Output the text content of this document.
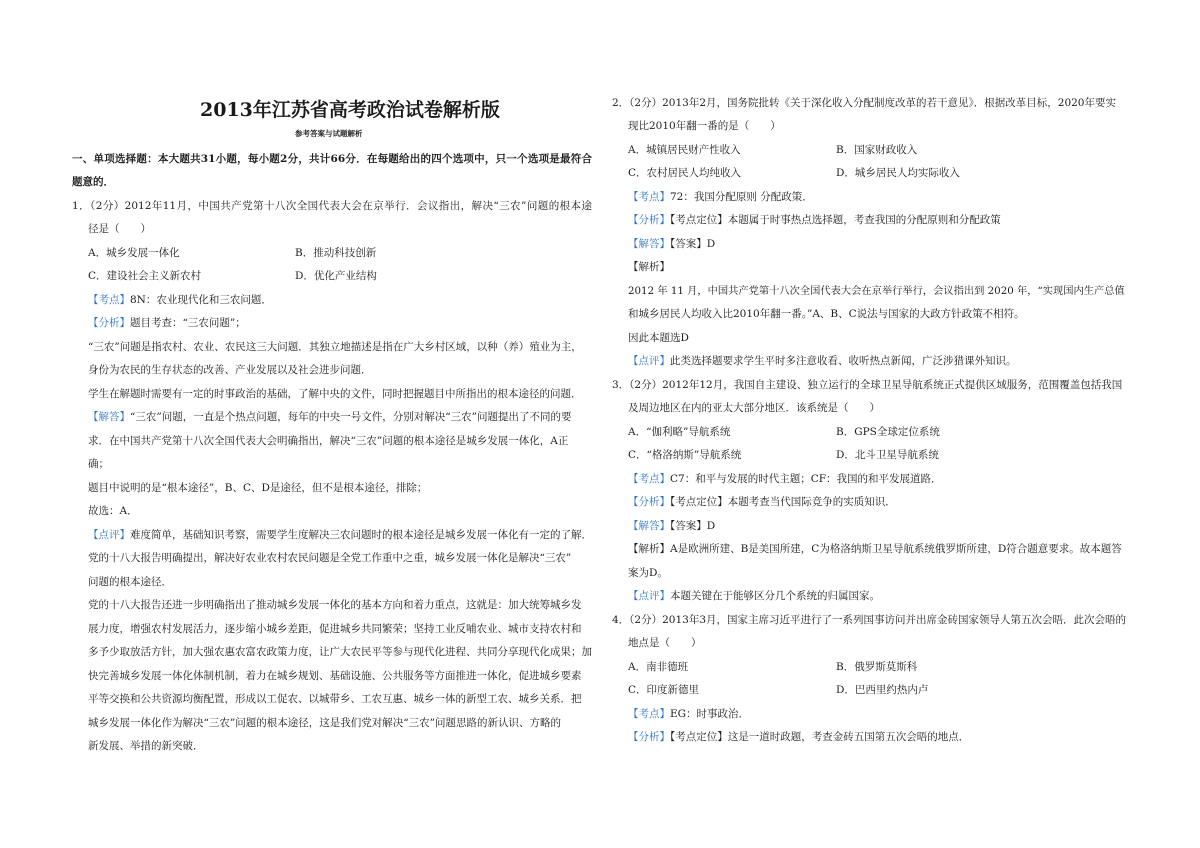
2013年江苏省高考政治试卷解析版
参考答案与试题解析
一、单项选择题：本大题共31小题，每小题2分，共计66分．在每题给出的四个选项中，只一个选项是最符合
题意的．
1．（2分）2012年11月，中国共产党第十八次全国代表大会在京举行．会议指出，解决“三农”问题的根本途
径是（　　）
A．城乡发展一体化	B．推动科技创新
C．建设社会主义新农村	D．优化产业结构
【考点】8N：农业现代化和三农问题．
【分析】题目考查：“三农问题”；
“三农”问题是指农村、农业、农民这三大问题．其独立地描述是指在广大乡村区域，以种（养）殖业为主，
身份为农民的生存状态的改善、产业发展以及社会进步问题．
学生在解题时需要有一定的时事政治的基础，了解中央的文件，同时把握题目中所指出的根本途径的问题．
【解答】“三农”问题，一直是个热点问题，每年的中央一号文件，分别对解决“三农”问题提出了不同的要
求．在中国共产党第十八次全国代表大会明确指出，解决“三农”问题的根本途径是城乡发展一体化，A正
确；
题目中说明的是“根本途径”，B、C、D是途径，但不是根本途径，排除；
故选：A．
【点评】难度简单，基础知识考察，需要学生度解决三农问题时的根本途径是城乡发展一体化有一定的了解．
党的十八大报告明确提出，解决好农业农村农民问题是全党工作重中之重，城乡发展一体化是解决“三农”
问题的根本途径．
党的十八大报告还进一步明确指出了推动城乡发展一体化的基本方向和着力重点，这就是：加大统筹城乡发
展力度，增强农村发展活力，逐步缩小城乡差距，促进城乡共同繁荣；坚持工业反哺农业、城市支持农村和
多予少取放活方针，加大强农惠农富农政策力度，让广大农民平等参与现代化进程、共同分享现代化成果；加
快完善城乡发展一体化体制机制，着力在城乡规划、基础设施、公共服务等方面推进一体化，促进城乡要素
平等交换和公共资源均衡配置，形成以工促农、以城带乡、工农互惠、城乡一体的新型工农、城乡关系．把
城乡发展一体化作为解决“三农”问题的根本途径，这是我们党对解决“三农”问题思路的新认识、方略的
新发展、举措的新突破．
2．（2分）2013年2月，国务院批转《关于深化收入分配制度改革的若干意见》．根据改革目标，2020年要实
现比2010年翻一番的是（　　）
A．城镇居民财产性收入	B．国家财政收入
C．农村居民人均纯收入	D．城乡居民人均实际收入
【考点】72：我国分配原则 分配政策．
【分析】【考点定位】本题属于时事热点选择题，考查我国的分配原则和分配政策
【解答】【答案】D
【解析】
2012 年 11 月，中国共产党第十八次全国代表大会在京举行举行，会议指出到 2020 年，“实现国内生产总值
和城乡居民人均收入比2010年翻一番。”A、B、C说法与国家的大政方针政策不相符。
因此本题选D
【点评】此类选择题要求学生平时多注意收看、收听热点新闻，广泛涉猎课外知识。
3．（2分）2012年12月，我国自主建设、独立运行的全球卫星导航系统正式提供区域服务，范围覆盖包括我国
及周边地区在内的亚太大部分地区．该系统是（　　）
A．“伽利略”导航系统	B．GPS全球定位系统
C．“格洛纳斯”导航系统	D．北斗卫星导航系统
【考点】C7：和平与发展的时代主题；CF：我国的和平发展道路．
【分析】【考点定位】本题考查当代国际竞争的实质知识．
【解答】【答案】D
【解析】A是欧洲所建、B是美国所建，C为格洛纳斯卫星导航系统俄罗斯所建，D符合题意要求。故本题答
案为D。
【点评】本题关键在于能够区分几个系统的归属国家。
4．（2分）2013年3月，国家主席习近平进行了一系列国事访问并出席金砖国家领导人第五次会晤．此次会晤的
地点是（　　）
A．南非德班	B．俄罗斯莫斯科
C．印度新德里	D．巴西里约热内卢
【考点】EG：时事政治．
【分析】【考点定位】这是一道时政题，考查金砖五国第五次会晤的地点．
